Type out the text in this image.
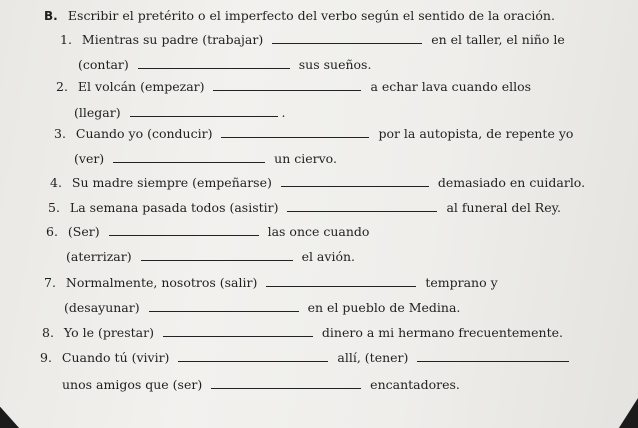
B. Escribir el pretérito o el imperfecto del verbo según el sentido de la oración.
1. Mientras su padre (trabajar)	en el taller, el niño le
(contar)	sus sueños.
2. El volcán (empezar)	a echar lava cuando ellos
(llegar)	.
3. Cuando yo (conducir)	por la autopista, de repente yo
(ver)	un ciervo.
4. Su madre siempre (empeñarse)	demasiado en cuidarlo.
5. La semana pasada todos (asistir)	al funeral del Rey.
6. (Ser)	las once cuando
(aterrizar)	el avión.
7. Normalmente, nosotros (salir)	temprano y
(desayunar)	en el pueblo de Medina.
8. Yo le (prestar)	dinero a mi hermano frecuentemente.
9. Cuando tú (vivir)	allí, (tener)
unos amigos que (ser)	encantadores.
